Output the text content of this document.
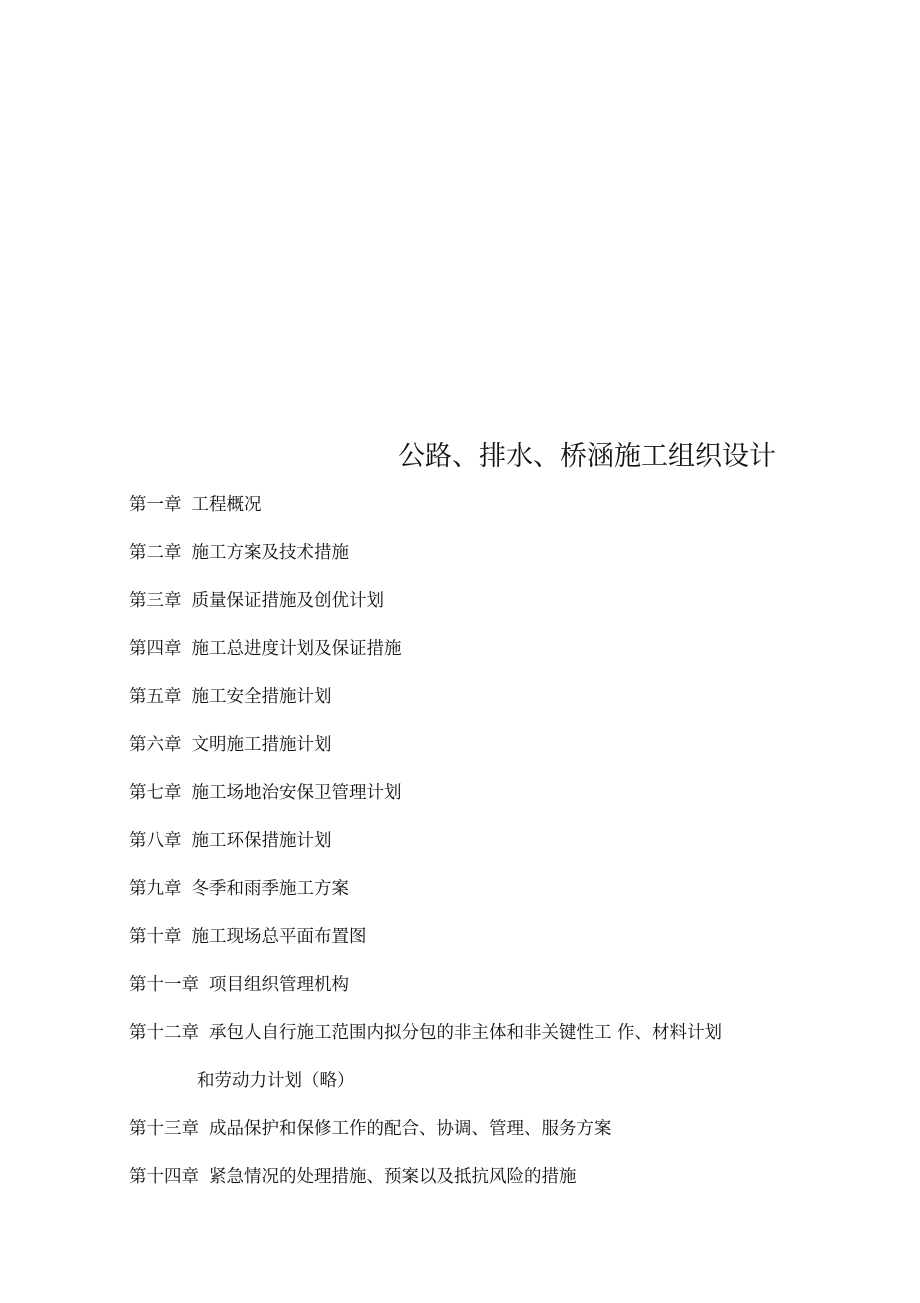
公路、排水、桥涵施工组织设计
第一章 工程概况
第二章 施工方案及技术措施
第三章 质量保证措施及创优计划
第四章 施工总进度计划及保证措施
第五章 施工安全措施计划
第六章 文明施工措施计划
第七章 施工场地治安保卫管理计划
第八章 施工环保措施计划
第九章 冬季和雨季施工方案
第十章 施工现场总平面布置图
第十一章 项目组织管理机构
第十二章 承包人自行施工范围内拟分包的非主体和非关键性工 作、材料计划
和劳动力计划（略）
第十三章 成品保护和保修工作的配合、协调、管理、服务方案
第十四章 紧急情况的处理措施、预案以及抵抗风险的措施
